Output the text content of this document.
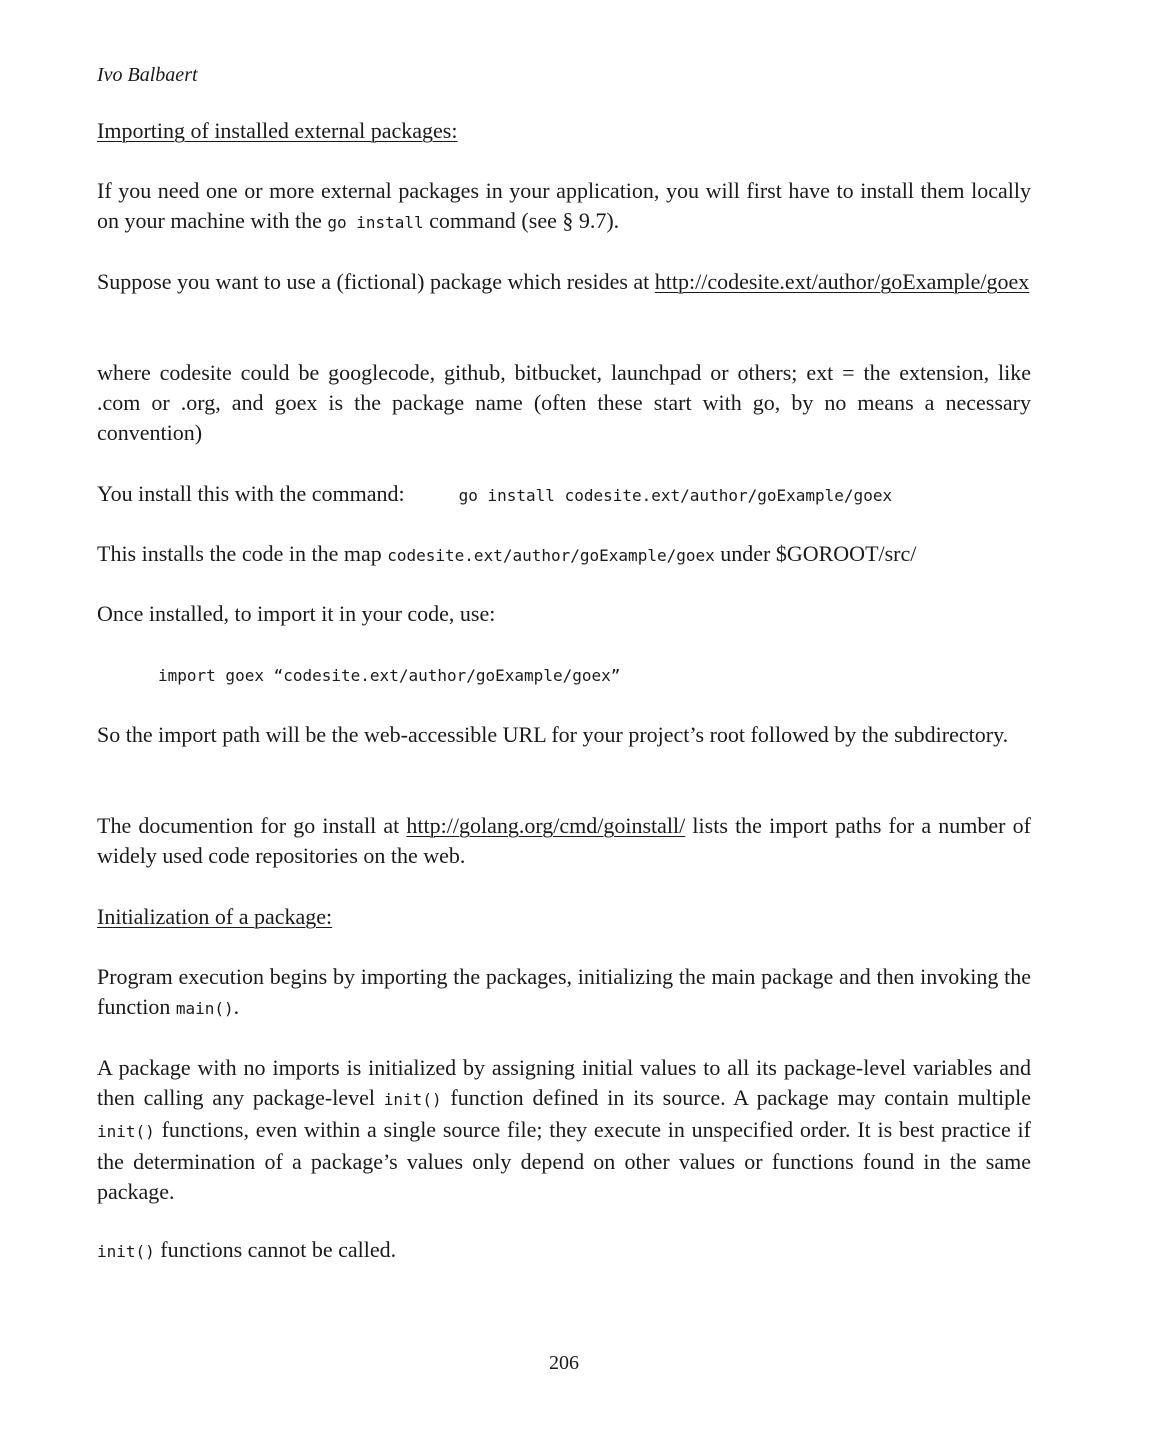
Ivo Balbaert

Importing of installed external packages:

If you need one or more external packages in your application, you will first have to install them locally on your machine with the go install command (see § 9.7).

Suppose you want to use a (fictional) package which resides at http://codesite.ext/author/goExample/goex

where codesite could be googlecode, github, bitbucket, launchpad or others; ext = the extension, like .com or .org, and goex is the package name (often these start with go, by no means a necessary convention)

You install this with the command:	go install codesite.ext/author/goExample/goex

This installs the code in the map codesite.ext/author/goExample/goex under $GOROOT/src/

Once installed, to import it in your code, use:

import goex “codesite.ext/author/goExample/goex”

So the import path will be the web-accessible URL for your project’s root followed by the subdirectory.

The documention for go install at http://golang.org/cmd/goinstall/ lists the import paths for a number of widely used code repositories on the web.

Initialization of a package:

Program execution begins by importing the packages, initializing the main package and then invoking the function main().

A package with no imports is initialized by assigning initial values to all its package-level variables and then calling any package-level init() function defined in its source. A package may contain multiple init() functions, even within a single source file; they execute in unspecified order. It is best practice if the determination of a package’s values only depend on other values or functions found in the same package.

init() functions cannot be called.

206
